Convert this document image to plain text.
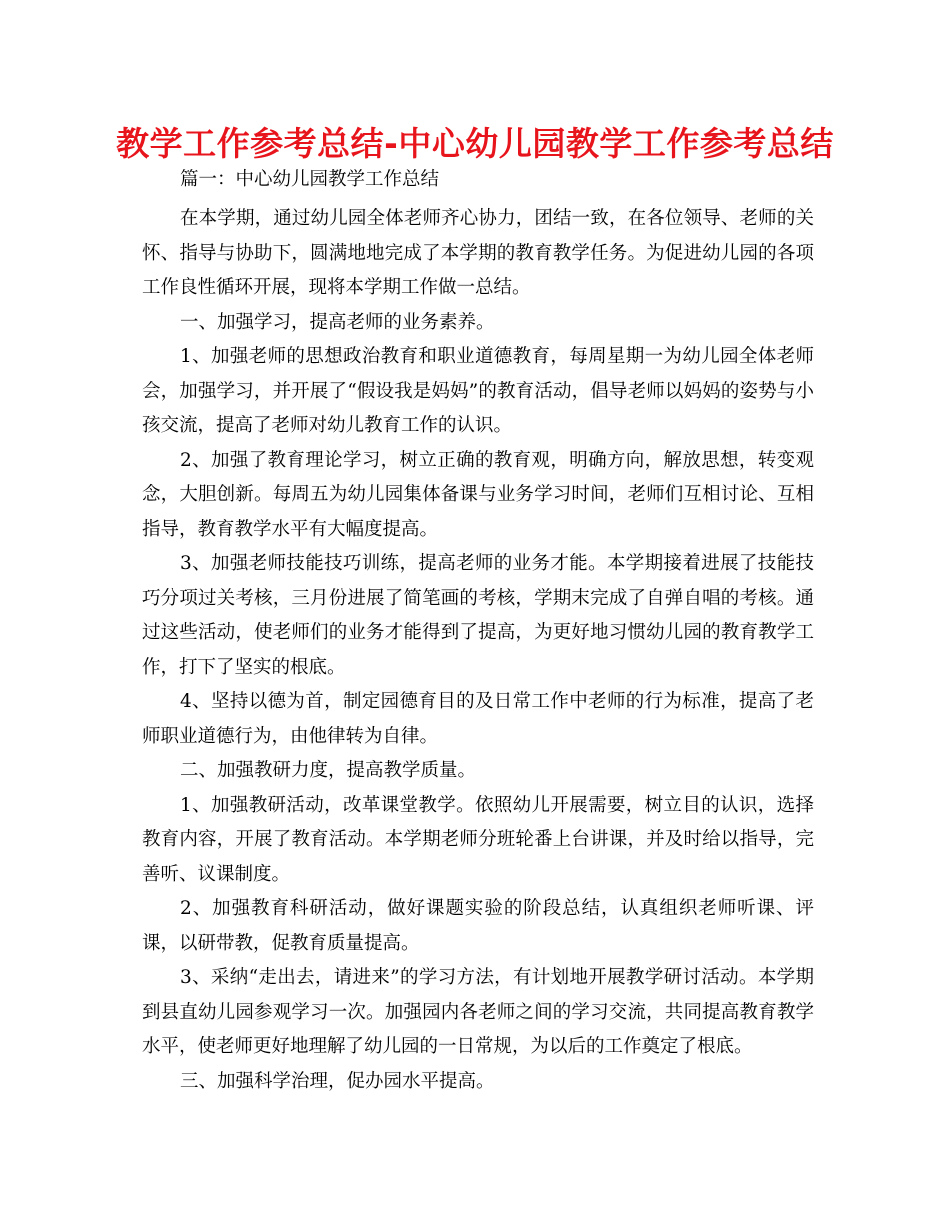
教学工作参考总结-中心幼儿园教学工作参考总结

篇一：中心幼儿园教学工作总结

在本学期，通过幼儿园全体老师齐心协力，团结一致，在各位领导、老师的关怀、指导与协助下，圆满地地完成了本学期的教育教学任务。为促进幼儿园的各项工作良性循环开展，现将本学期工作做一总结。

一、加强学习，提高老师的业务素养。

1、加强老师的思想政治教育和职业道德教育，每周星期一为幼儿园全体老师会，加强学习，并开展了“假设我是妈妈”的教育活动，倡导老师以妈妈的姿势与小孩交流，提高了老师对幼儿教育工作的认识。

2、加强了教育理论学习，树立正确的教育观，明确方向，解放思想，转变观念，大胆创新。每周五为幼儿园集体备课与业务学习时间，老师们互相讨论、互相指导，教育教学水平有大幅度提高。

3、加强老师技能技巧训练，提高老师的业务才能。本学期接着进展了技能技巧分项过关考核，三月份进展了简笔画的考核，学期末完成了自弹自唱的考核。通过这些活动，使老师们的业务才能得到了提高，为更好地习惯幼儿园的教育教学工作，打下了坚实的根底。

4、坚持以德为首，制定园德育目的及日常工作中老师的行为标准，提高了老师职业道德行为，由他律转为自律。

二、加强教研力度，提高教学质量。

1、加强教研活动，改革课堂教学。依照幼儿开展需要，树立目的认识，选择教育内容，开展了教育活动。本学期老师分班轮番上台讲课，并及时给以指导，完善听、议课制度。

2、加强教育科研活动，做好课题实验的阶段总结，认真组织老师听课、评课，以研带教，促教育质量提高。

3、采纳“走出去，请进来”的学习方法，有计划地开展教学研讨活动。本学期到县直幼儿园参观学习一次。加强园内各老师之间的学习交流，共同提高教育教学水平，使老师更好地理解了幼儿园的一日常规，为以后的工作奠定了根底。

三、加强科学治理，促办园水平提高。
